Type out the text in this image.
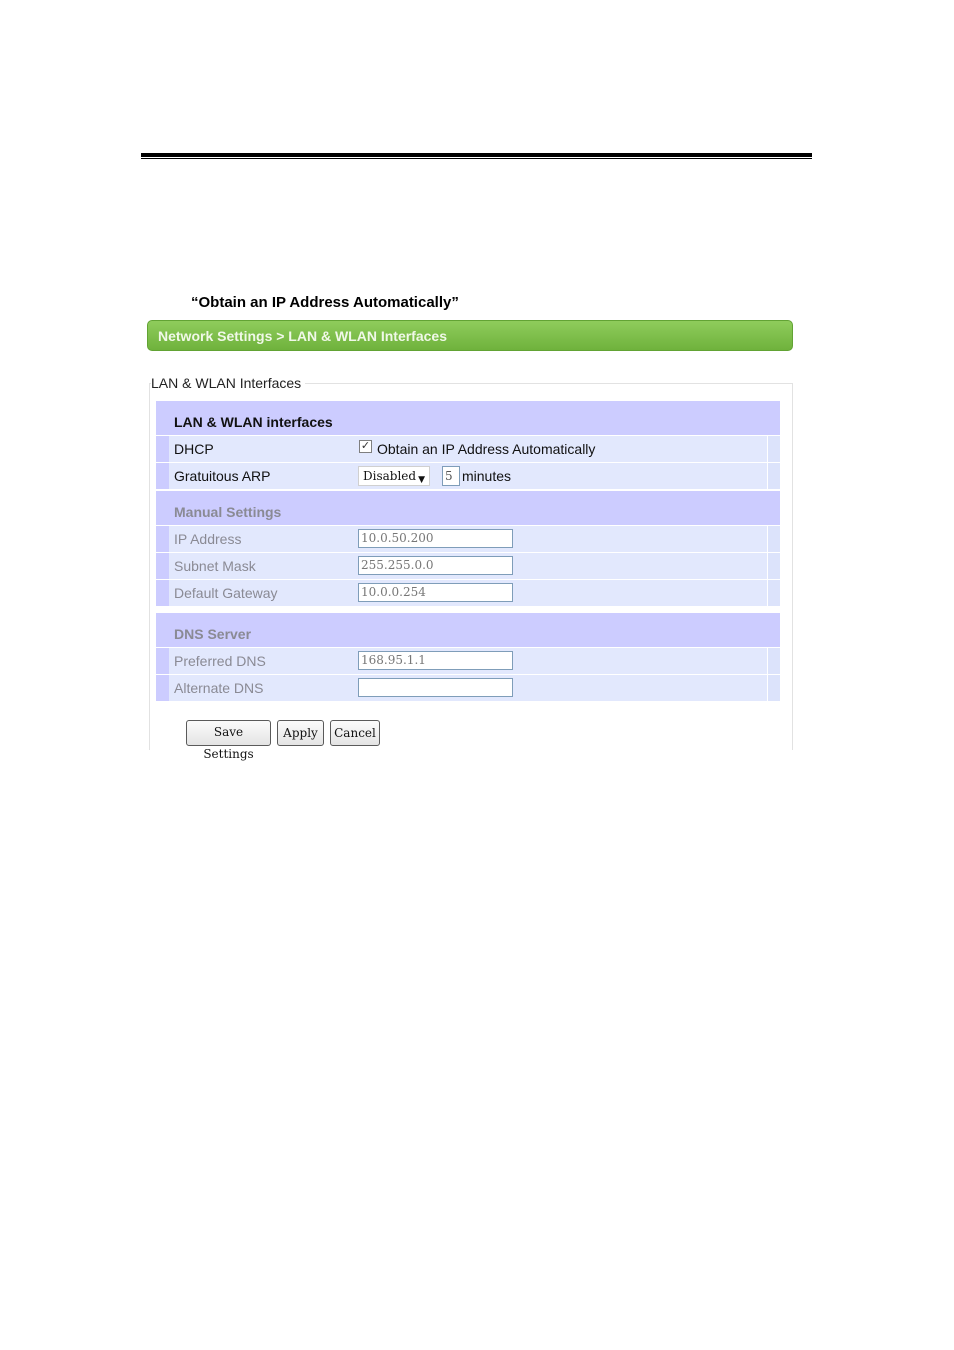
“Obtain an IP Address Automatically”
Network Settings > LAN & WLAN Interfaces
LAN & WLAN Interfaces
LAN & WLAN interfaces
DHCP	✓ Obtain an IP Address Automatically
Gratuitous ARP	Disabled ▼ 5 minutes
Manual Settings
IP Address	10.0.50.200
Subnet Mask	255.255.0.0
Default Gateway	10.0.0.254
DNS Server
Preferred DNS	168.95.1.1
Alternate DNS
Save Settings
Apply	Cancel
